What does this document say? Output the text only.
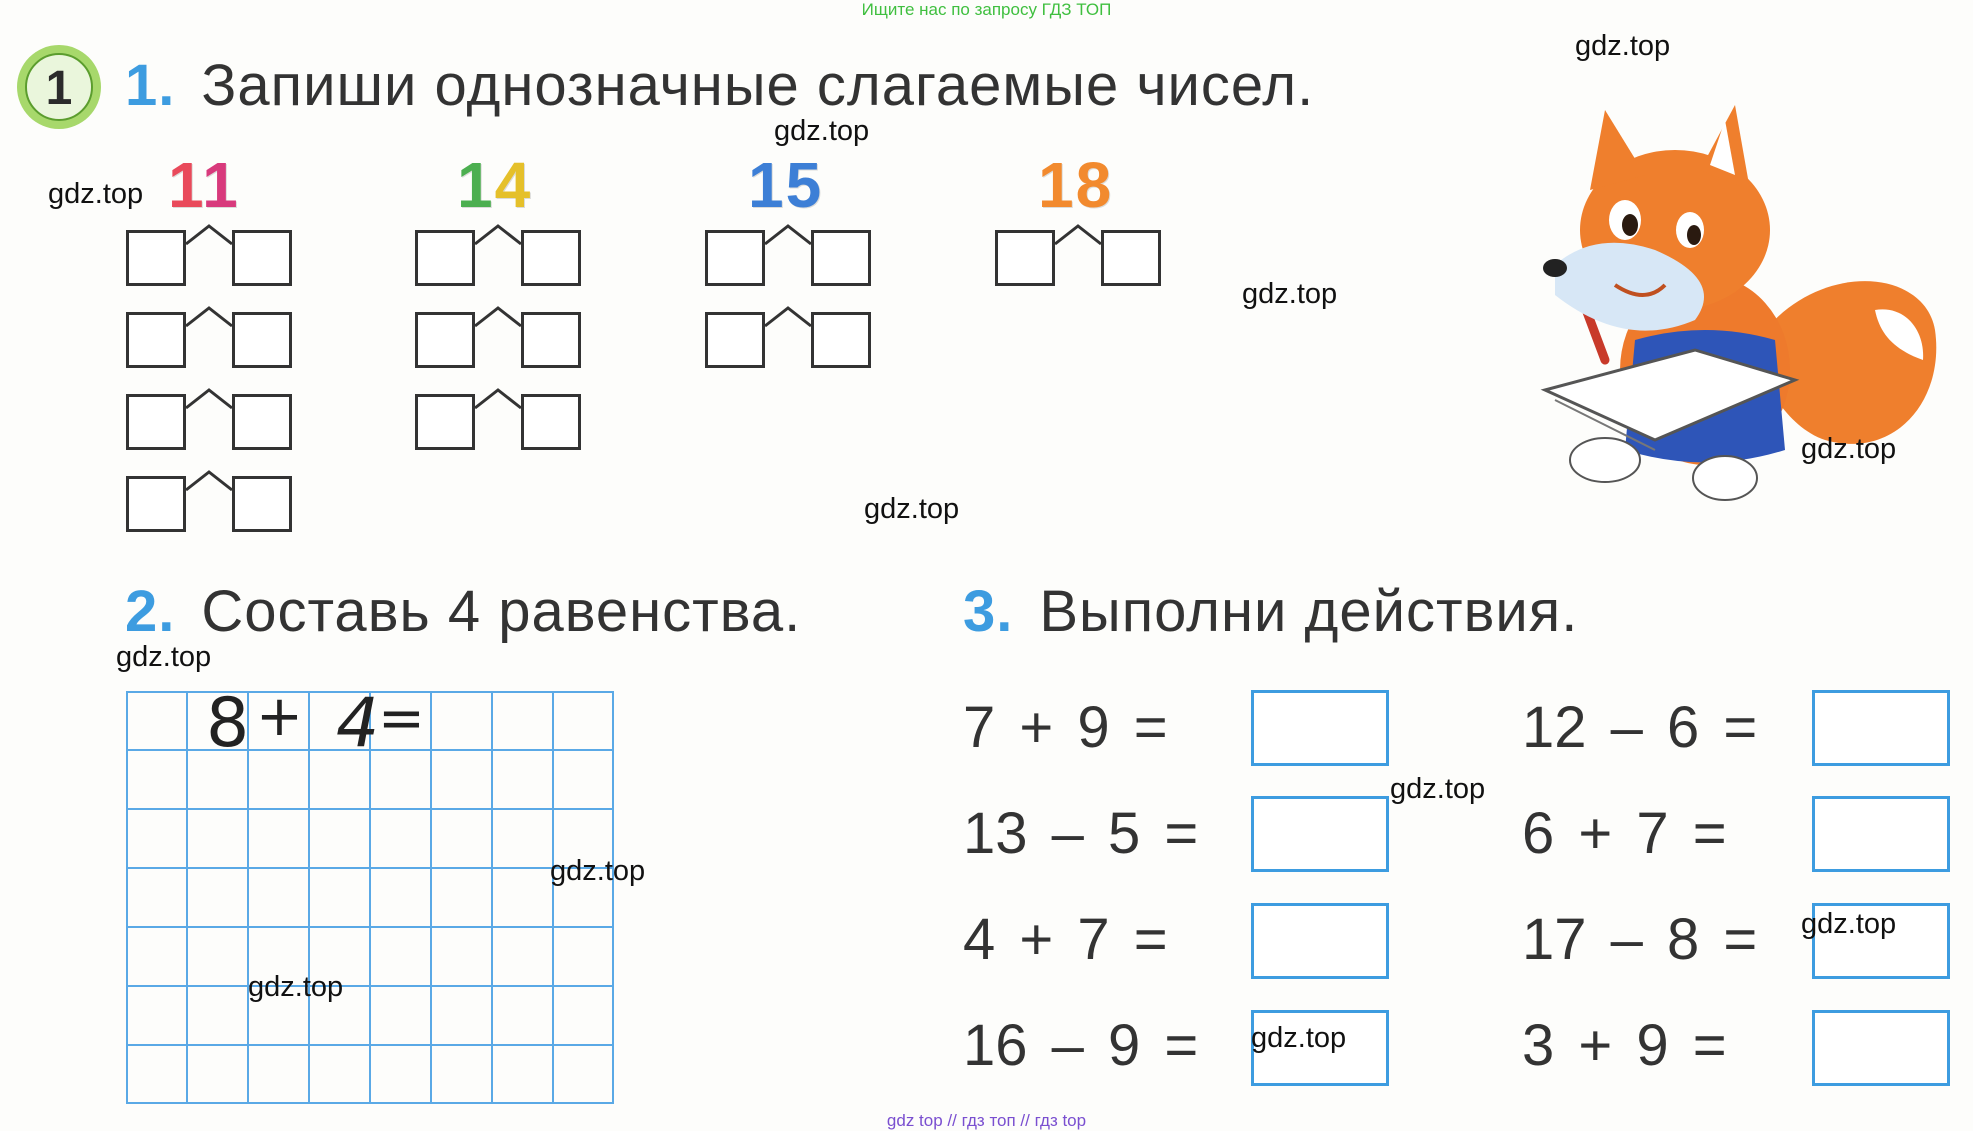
Ищите нас по запросу ГДЗ ТОП
1 1. Запиши однозначные слагаемые чисел.
11	14	15	18
2. Составь 4 равенства.
8 + 4
=
3. Выполни действия.
7 + 9 =
13 – 5 =
4 + 7 =
16 – 9 =
12 – 6 =
6 + 7 =
17 – 8 =
3 + 9 =
gdz.top
gdz.top
gdz.top
gdz.top
gdz.top
gdz.top
gdz.top
gdz.top
gdz.top
gdz.top
gdz.top
gdz.top
gdz top // гдз топ // гдз top
